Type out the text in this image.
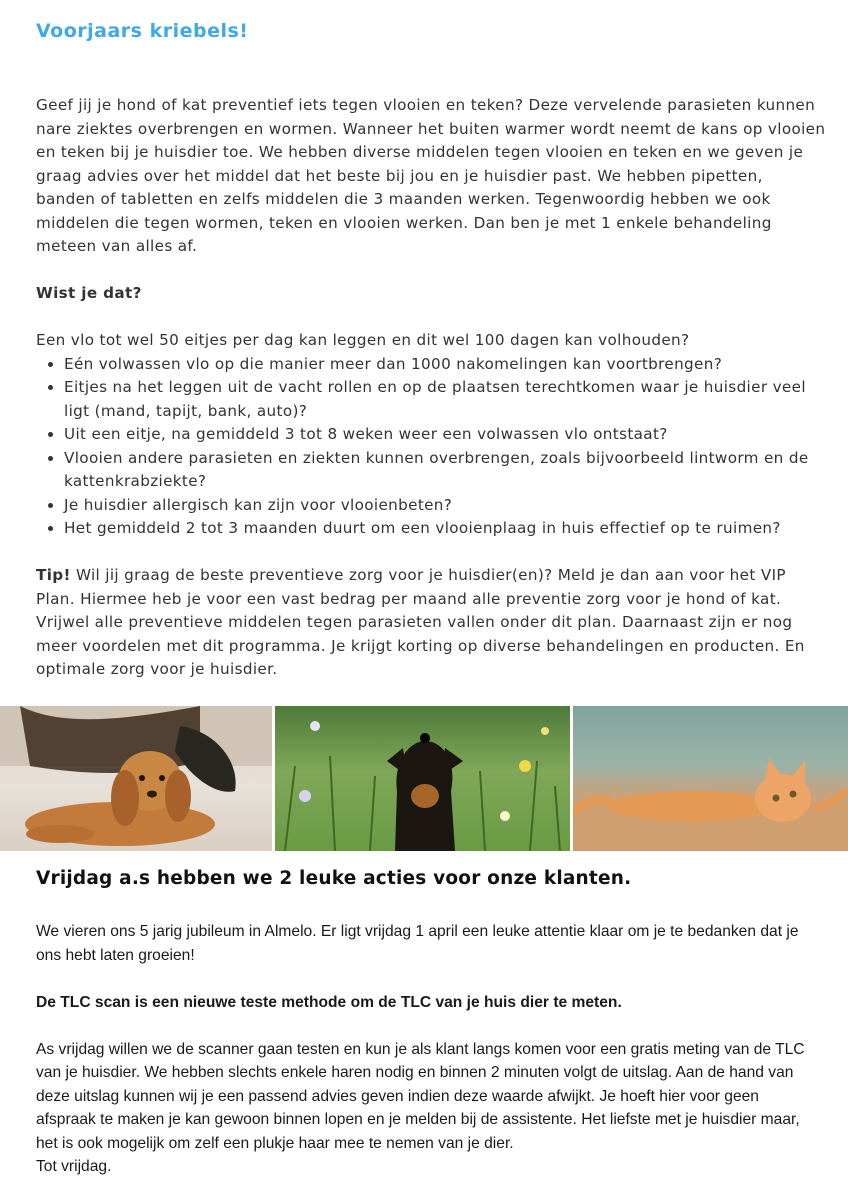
Voorjaars kriebels!

Geef jij je hond of kat preventief iets tegen vlooien en teken? Deze vervelende parasieten kunnen nare ziektes overbrengen en wormen. Wanneer het buiten warmer wordt neemt de kans op vlooien en teken bij je huisdier toe. We hebben diverse middelen tegen vlooien en teken en we geven je graag advies over het middel dat het beste bij jou en je huisdier past. We hebben pipetten, banden of tabletten en zelfs middelen die 3 maanden werken. Tegenwoordig hebben we ook middelen die tegen wormen, teken en vlooien werken. Dan ben je met 1 enkele behandeling meteen van alles af.

Wist je dat?

Een vlo tot wel 50 eitjes per dag kan leggen en dit wel 100 dagen kan volhouden?

• Eén volwassen vlo op die manier meer dan 1000 nakomelingen kan voortbrengen?
• Eitjes na het leggen uit de vacht rollen en op de plaatsen terechtkomen waar je huisdier veel ligt (mand, tapijt, bank, auto)?
• Uit een eitje, na gemiddeld 3 tot 8 weken weer een volwassen vlo ontstaat?
• Vlooien andere parasieten en ziekten kunnen overbrengen, zoals bijvoorbeeld lintworm en de kattenkrabziekte?
• Je huisdier allergisch kan zijn voor vlooienbeten?
• Het gemiddeld 2 tot 3 maanden duurt om een vlooienplaag in huis effectief op te ruimen?

Tip! Wil jij graag de beste preventieve zorg voor je huisdier(en)? Meld je dan aan voor het VIP Plan. Hiermee heb je voor een vast bedrag per maand alle preventie zorg voor je hond of kat. Vrijwel alle preventieve middelen tegen parasieten vallen onder dit plan. Daarnaast zijn er nog meer voordelen met dit programma. Je krijgt korting op diverse behandelingen en producten. En optimale zorg voor je huisdier.

Vrijdag a.s hebben we 2 leuke acties voor onze klanten.

We vieren ons 5 jarig jubileum in Almelo. Er ligt vrijdag 1 april een leuke attentie klaar om je te bedanken dat je ons hebt laten groeien!

De TLC scan is een nieuwe teste methode om de TLC van je huis dier te meten.

As vrijdag willen we de scanner gaan testen en kun je als klant langs komen voor een gratis meting van de TLC van je huisdier. We hebben slechts enkele haren nodig en binnen 2 minuten volgt de uitslag. Aan de hand van deze uitslag kunnen wij je een passend advies geven indien deze waarde afwijkt. Je hoeft hier voor geen afspraak te maken je kan gewoon binnen lopen en je melden bij de assistente. Het liefste met je huisdier maar, het is ook mogelijk om zelf een plukje haar mee te nemen van je dier.

Tot vrijdag.
